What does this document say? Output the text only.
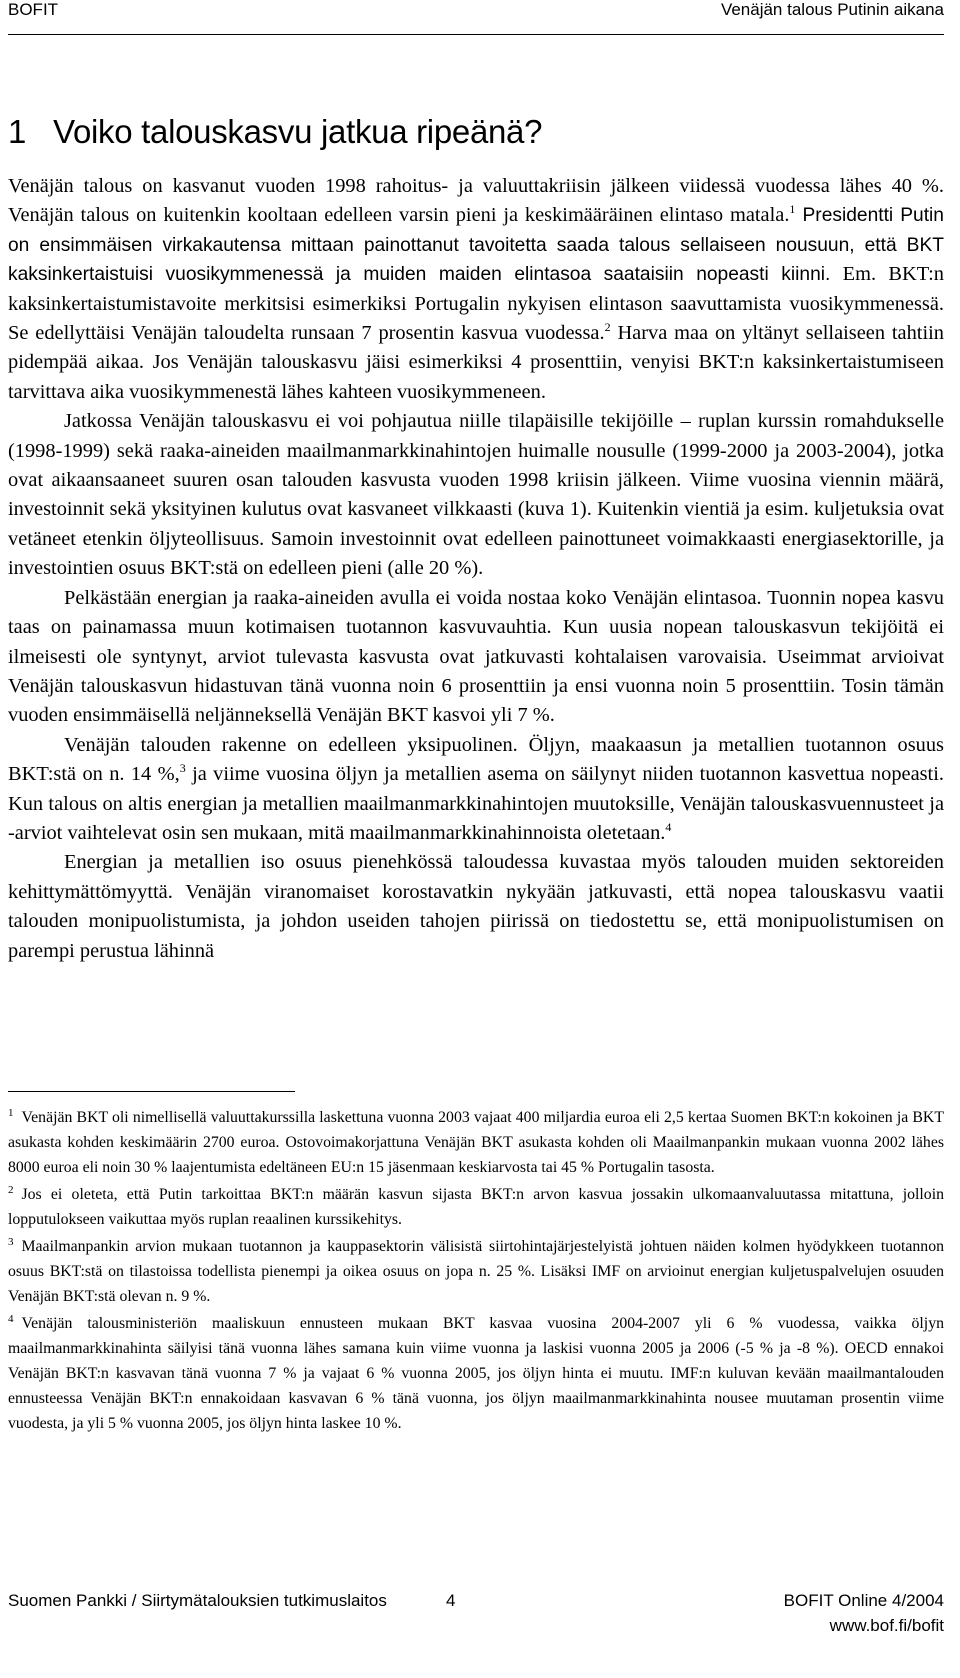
BOFIT	Venäjän talous Putinin aikana
1 Voiko talouskasvu jatkua ripeänä?

Venäjän talous on kasvanut vuoden 1998 rahoitus- ja valuuttakriisin jälkeen viidessä vuodessa lähes 40 %. Venäjän talous on kuitenkin kooltaan edelleen varsin pieni ja keskimääräinen elintaso matala.$^1$ Presidentti Putin on ensimmäisen virkakautensa mittaan painottanut tavoitetta saada talous sellaiseen nousuun, että BKT kaksinkertaistuisi vuosikymmenessä ja muiden maiden elintasoa saataisiin nopeasti kiinni. Em. BKT:n kaksinkertaistumistavoite merkitsisi esimerkiksi Portugalin nykyisen elintason saavuttamista vuosikymmenessä. Se edellyttäisi Venäjän taloudelta runsaan 7 prosentin kasvua vuodessa.$^2$ Harva maa on yltänyt sellaiseen tahtiin pidempää aikaa. Jos Venäjän talouskasvu jäisi esimerkiksi 4 prosenttiin, venyisi BKT:n kaksinkertaistumiseen tarvittava aika vuosikymmenestä lähes kahteen vuosikymmeneen.

Jatkossa Venäjän talouskasvu ei voi pohjautua niille tilapäisille tekijöille – ruplan kurssin romahdukselle (1998-1999) sekä raaka-aineiden maailmanmarkkinahintojen huimalle nousulle (1999-2000 ja 2003-2004), jotka ovat aikaansaaneet suuren osan talouden kasvusta vuoden 1998 kriisin jälkeen. Viime vuosina viennin määrä, investoinnit sekä yksityinen kulutus ovat kasvaneet vilkkaasti (kuva 1). Kuitenkin vientiä ja esim. kuljetuksia ovat vetäneet etenkin öljyteollisuus. Samoin investoinnit ovat edelleen painottuneet voimakkaasti energiasektorille, ja investointien osuus BKT:stä on edelleen pieni (alle 20 %).

Pelkästään energian ja raaka-aineiden avulla ei voida nostaa koko Venäjän elintasoa. Tuonnin nopea kasvu taas on painamassa muun kotimaisen tuotannon kasvuvauhtia. Kun uusia nopean talouskasvun tekijöitä ei ilmeisesti ole syntynyt, arviot tulevasta kasvusta ovat jatkuvasti kohtalaisen varovaisia. Useimmat arvioivat Venäjän talouskasvun hidastuvan tänä vuonna noin 6 prosenttiin ja ensi vuonna noin 5 prosenttiin. Tosin tämän vuoden ensimmäisellä neljänneksellä Venäjän BKT kasvoi yli 7 %.

Venäjän talouden rakenne on edelleen yksipuolinen. Öljyn, maakaasun ja metallien tuotannon osuus BKT:stä on n. 14 %,$^3$ ja viime vuosina öljyn ja metallien asema on säilynyt niiden tuotannon kasvettua nopeasti. Kun talous on altis energian ja metallien maailmanmarkkinahintojen muutoksille, Venäjän talouskasvuennusteet ja -arviot vaihtelevat osin sen mukaan, mitä maailmanmarkkinahinnoista oletetaan.$^4$

Energian ja metallien iso osuus pienehkössä taloudessa kuvastaa myös talouden muiden sektoreiden kehittymättömyyttä. Venäjän viranomaiset korostavatkin nykyään jatkuvasti, että nopea talouskasvu vaatii talouden monipuolistumista, ja johdon useiden tahojen piirissä on tiedostettu se, että monipuolistumisen on parempi perustua lähinnä

$^1$ Venäjän BKT oli nimellisellä valuuttakurssilla laskettuna vuonna 2003 vajaat 400 miljardia euroa eli 2,5 kertaa Suomen BKT:n kokoinen ja BKT asukasta kohden keskimäärin 2700 euroa. Ostovoimakorjattuna Venäjän BKT asukasta kohden oli Maailmanpankin mukaan vuonna 2002 lähes 8000 euroa eli noin 30 % laajentumista edeltäneen EU:n 15 jäsenmaan keskiarvosta tai 45 % Portugalin tasosta.

$^2$ Jos ei oleteta, että Putin tarkoittaa BKT:n määrän kasvun sijasta BKT:n arvon kasvua jossakin ulkomaanvaluutassa mitattuna, jolloin lopputulokseen vaikuttaa myös ruplan reaalinen kurssikehitys.

$^3$ Maailmanpankin arvion mukaan tuotannon ja kauppasektorin välisistä siirtohintajärjestelyistä johtuen näiden kolmen hyödykkeen tuotannon osuus BKT:stä on tilastoissa todellista pienempi ja oikea osuus on jopa n. 25 %. Lisäksi IMF on arvioinut energian kuljetuspalvelujen osuuden Venäjän BKT:stä olevan n. 9 %.

$^4$ Venäjän talousministeriön maaliskuun ennusteen mukaan BKT kasvaa vuosina 2004-2007 yli 6 % vuodessa, vaikka öljyn maailmanmarkkinahinta säilyisi tänä vuonna lähes samana kuin viime vuonna ja laskisi vuonna 2005 ja 2006 (-5 % ja -8 %). OECD ennakoi Venäjän BKT:n kasvavan tänä vuonna 7 % ja vajaat 6 % vuonna 2005, jos öljyn hinta ei muutu. IMF:n kuluvan kevään maailmantalouden ennusteessa Venäjän BKT:n ennakoidaan kasvavan 6 % tänä vuonna, jos öljyn maailmanmarkkinahinta nousee muutaman prosentin viime vuodesta, ja yli 5 % vuonna 2005, jos öljyn hinta laskee 10 %.

Suomen Pankki / Siirtymätalouksien tutkimuslaitos	4	BOFIT Online 4/2004
www.bof.fi/bofit
